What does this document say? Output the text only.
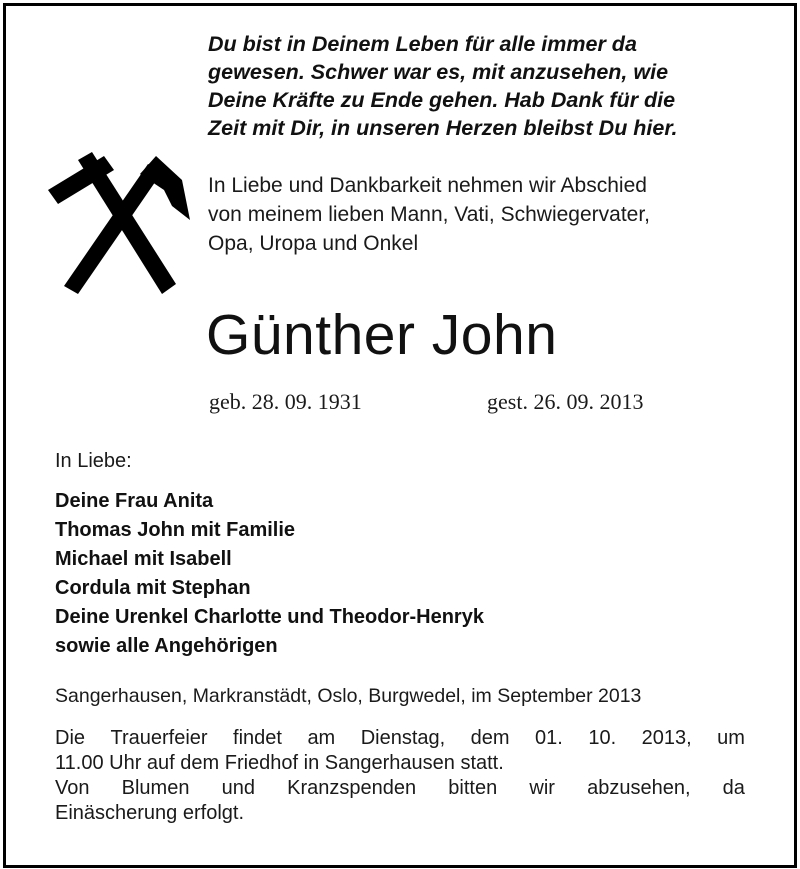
Du bist in Deinem Leben für alle immer da
gewesen. Schwer war es, mit anzusehen, wie
Deine Kräfte zu Ende gehen. Hab Dank für die
Zeit mit Dir, in unseren Herzen bleibst Du hier.
In Liebe und Dankbarkeit nehmen wir Abschied
von meinem lieben Mann, Vati, Schwiegervater,
Opa, Uropa und Onkel
Günther John
geb. 28. 09. 1931	gest. 26. 09. 2013
In Liebe:
Deine Frau Anita
Thomas John mit Familie
Michael mit Isabell
Cordula mit Stephan
Deine Urenkel Charlotte und Theodor-Henryk
sowie alle Angehörigen
Sangerhausen, Markranstädt, Oslo, Burgwedel, im September 2013
Die Trauerfeier findet am Dienstag, dem 01. 10. 2013, um
11.00 Uhr auf dem Friedhof in Sangerhausen statt.
Von Blumen und Kranzspenden bitten wir abzusehen, da
Einäscherung erfolgt.
